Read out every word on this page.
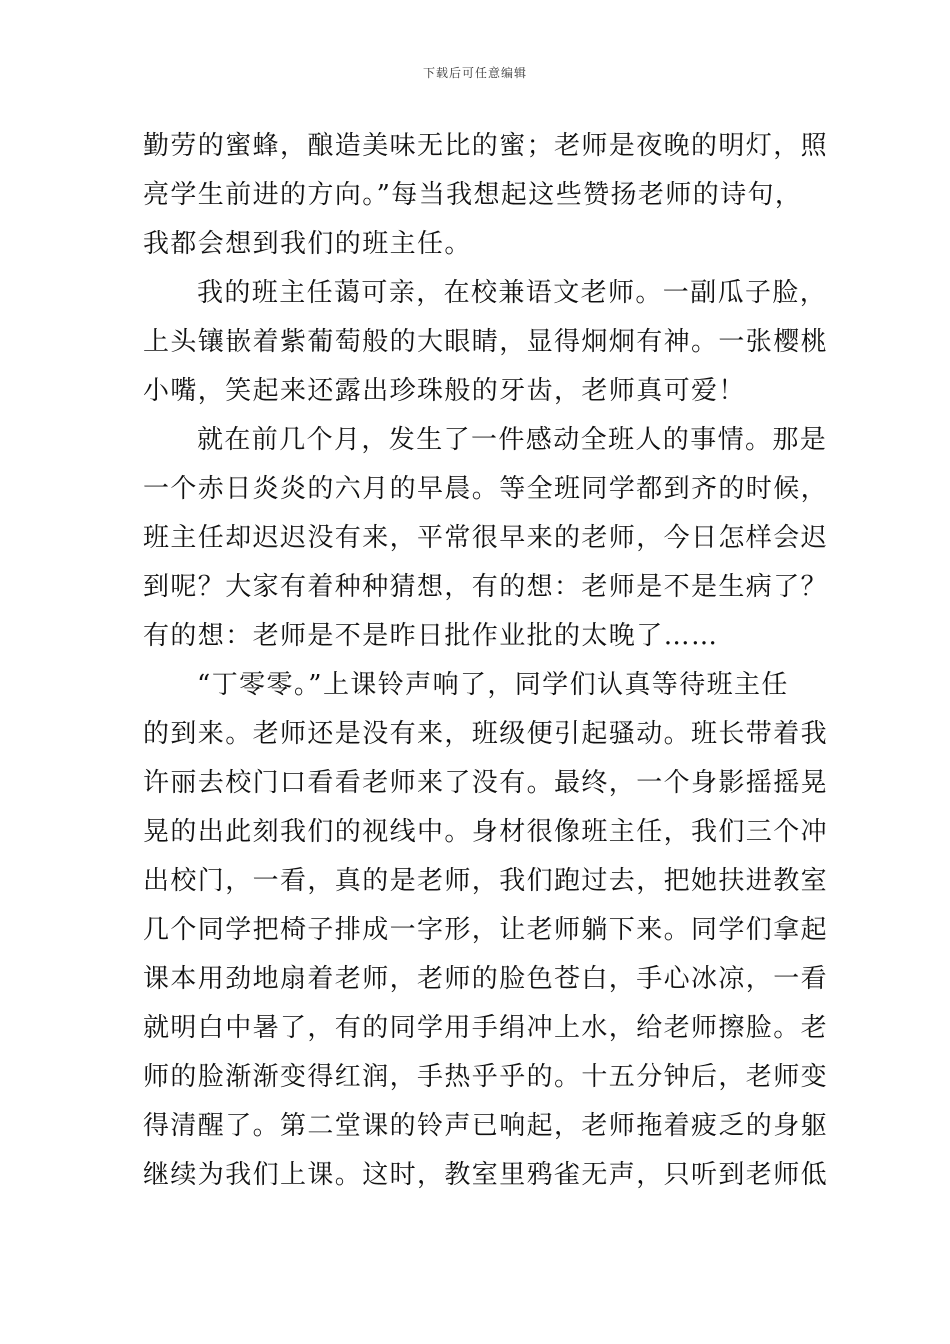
下载后可任意编辑
勤劳的蜜蜂，酿造美味无比的蜜；老师是夜晚的明灯，照
亮学生前进的方向。”每当我想起这些赞扬老师的诗句，
我都会想到我们的班主任。
我的班主任蔼可亲，在校兼语文老师。一副瓜子脸，
上头镶嵌着紫葡萄般的大眼睛，显得炯炯有神。一张樱桃
小嘴，笑起来还露出珍珠般的牙齿，老师真可爱！
就在前几个月，发生了一件感动全班人的事情。那是
一个赤日炎炎的六月的早晨。等全班同学都到齐的时候，
班主任却迟迟没有来，平常很早来的老师，今日怎样会迟
到呢？大家有着种种猜想，有的想：老师是不是生病了？
有的想：老师是不是昨日批作业批的太晚了……
“丁零零。”上课铃声响了，同学们认真等待班主任
的到来。老师还是没有来，班级便引起骚动。班长带着我
许丽去校门口看看老师来了没有。最终，一个身影摇摇晃
晃的出此刻我们的视线中。身材很像班主任，我们三个冲
出校门，一看，真的是老师，我们跑过去，把她扶进教室
几个同学把椅子排成一字形，让老师躺下来。同学们拿起
课本用劲地扇着老师，老师的脸色苍白，手心冰凉，一看
就明白中暑了，有的同学用手绢冲上水，给老师擦脸。老
师的脸渐渐变得红润，手热乎乎的。十五分钟后，老师变
得清醒了。第二堂课的铃声已响起，老师拖着疲乏的身躯
继续为我们上课。这时，教室里鸦雀无声，只听到老师低
